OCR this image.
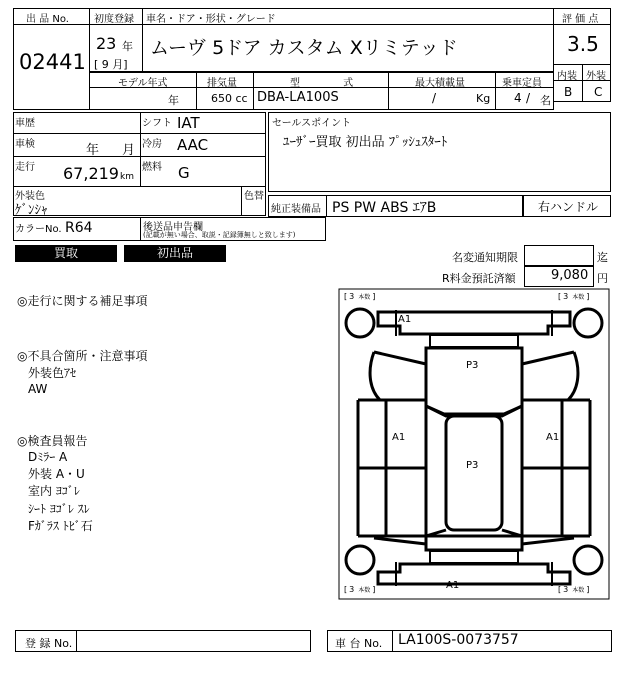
出 品 No.
02441
初度登録 車名・ドア・形状・グレード
23 年
[ 9 月]
ムーヴ 5ドア カスタム Xリミテッド
評 価 点
3.5
内装 外装
B C
モデル年式	排気量	型 式	最大積載量	乗車定員
年	650 cc DBA-LA100S	/	Kg 4 / 名
車歴	シフト IAT
車検	年 月 冷房 AAC
走行 67,219 km
燃料 G
セールスポイント
ﾕｰｻﾞｰ買取 初出品 ﾌﾟｯｼｭｽﾀｰﾄ
外装色
ｹﾞﾝｼｬ
色替
純正装備品 PS PW ABS ｴｱB	右ハンドル
カラーNo. R64	後送品申告欄
(記載が無い場合、取説・記録簿無しと致します)
買取	初出品	名変通知期限	迄
R料金預託済額	9,080 円
◎走行に関する補足事項
◎不具合箇所・注意事項
外装色ｱｾ
AW
◎検査員報告
Dﾐﾗｰ A
外装 A・U
室内 ﾖｺﾞﾚ
ｼｰﾄ ﾖｺﾞﾚ ｽﾚ
Fｶﾞﾗｽ ﾄﾋﾞ石
[ 3 本数 ]	[ 3 本数 ]
[ 3 本数 ]	[ 3 本数 ]
A1
P3
A1	A1
P3
A1
登 録 No.	車 台 No. LA100S-0073757
